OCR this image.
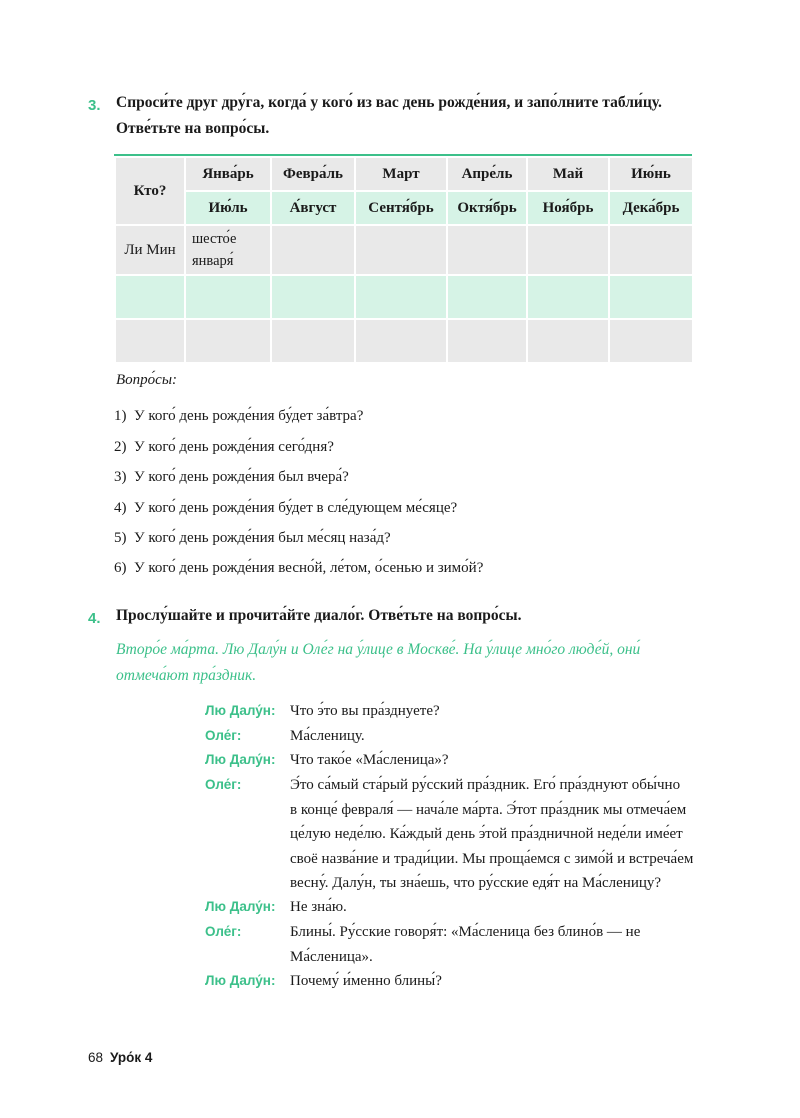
3. Спроси́те друг дру́га, когда́ у кого́ из вас день рожде́ния, и запо́лните табли́цу.
Отве́тьте на вопро́сы.
Кто?	Янва́рь	Февра́ль	Март	Апре́ль	Май	Ию́нь
	Ию́ль	А́вгуст	Сентя́брь	Октя́брь	Ноя́брь	Дека́брь
Ли Мин	шесто́е
января́					

Вопро́сы:
1)  У кого́ день рожде́ния бу́дет за́втра?
2)  У кого́ день рожде́ния сего́дня?
3)  У кого́ день рожде́ния был вчера́?
4)  У кого́ день рожде́ния бу́дет в сле́дующем ме́сяце?
5)  У кого́ день рожде́ния был ме́сяц наза́д?
6)  У кого́ день рожде́ния весно́й, ле́том, о́сенью и зимо́й?
4. Прослу́шайте и прочита́йте диало́г. Отве́тьте на вопро́сы.
Второ́е ма́рта. Лю Далу́н и Оле́г на у́лице в Москве́. На у́лице мно́го люде́й, они́
отмеча́ют пра́здник.
Лю Далу́н: Что э́то вы пра́зднуете?
Оле́г:	Ма́сленицу.
Лю Далу́н: Что тако́е «Ма́сленица»?
Оле́г:	Э́то са́мый ста́рый ру́сский пра́здник. Его́ пра́зднуют обы́чно
в конце́ февраля́ — нача́ле ма́рта. Э́тот пра́здник мы отмеча́ем
це́лую неде́лю. Ка́ждый день э́той пра́здничной неде́ли име́ет
своё назва́ние и тради́ции. Мы проща́емся с зимо́й и встреча́ем
весну́. Далу́н, ты зна́ешь, что ру́сские едя́т на Ма́сленицу?
Лю Далу́н: Не зна́ю.
Оле́г:	Блины́. Ру́сские говоря́т: «Ма́сленица без блино́в — не
Ма́сленица».
Лю Далу́н: Почему́ и́менно блины́?
68 Уро́к 4
